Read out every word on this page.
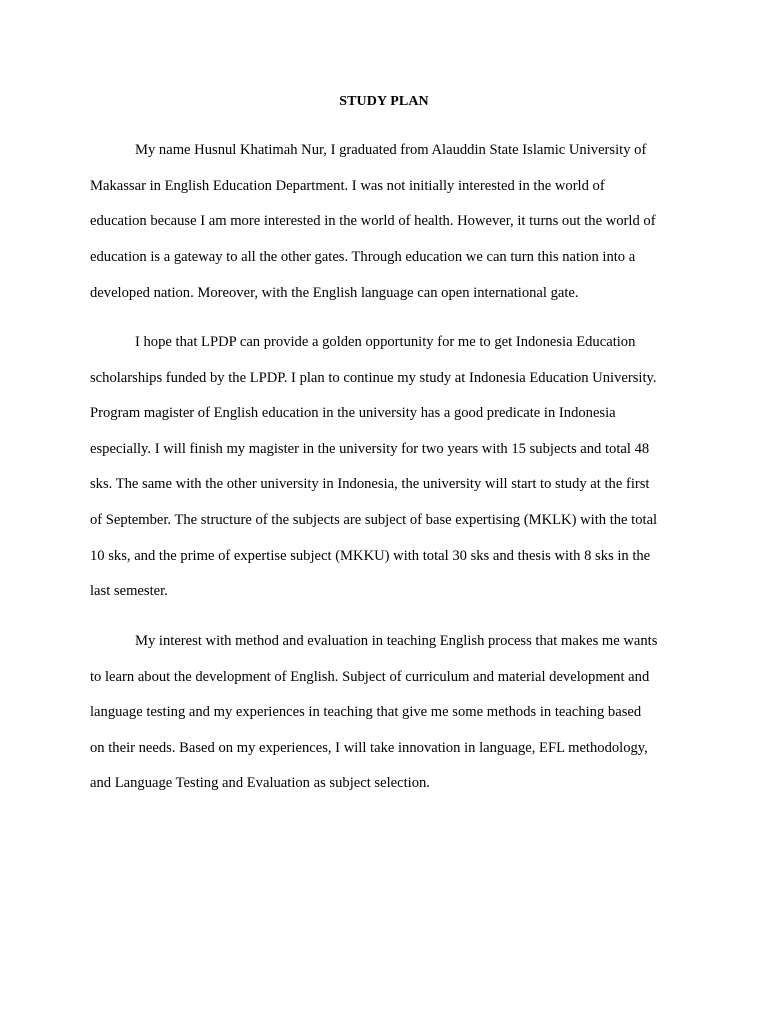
STUDY PLAN
My name Husnul Khatimah Nur, I graduated from Alauddin State Islamic University of
Makassar in English Education Department. I was not initially interested in the world of
education because I am more interested in the world of health. However, it turns out the world of
education is a gateway to all the other gates. Through education we can turn this nation into a
developed nation. Moreover, with the English language can open international gate.
I hope that LPDP can provide a golden opportunity for me to get Indonesia Education
scholarships funded by the LPDP. I plan to continue my study at Indonesia Education University.
Program magister of English education in the university has a good predicate in Indonesia
especially. I will finish my magister in the university for two years with 15 subjects and total 48
sks. The same with the other university in Indonesia, the university will start to study at the first
of September. The structure of the subjects are subject of base expertising (MKLK) with the total
10 sks, and the prime of expertise subject (MKKU) with total 30 sks and thesis with 8 sks in the
last semester.
My interest with method and evaluation in teaching English process that makes me wants
to learn about the development of English. Subject of curriculum and material development and
language testing and my experiences in teaching that give me some methods in teaching based
on their needs. Based on my experiences, I will take innovation in language, EFL methodology,
and Language Testing and Evaluation as subject selection.
